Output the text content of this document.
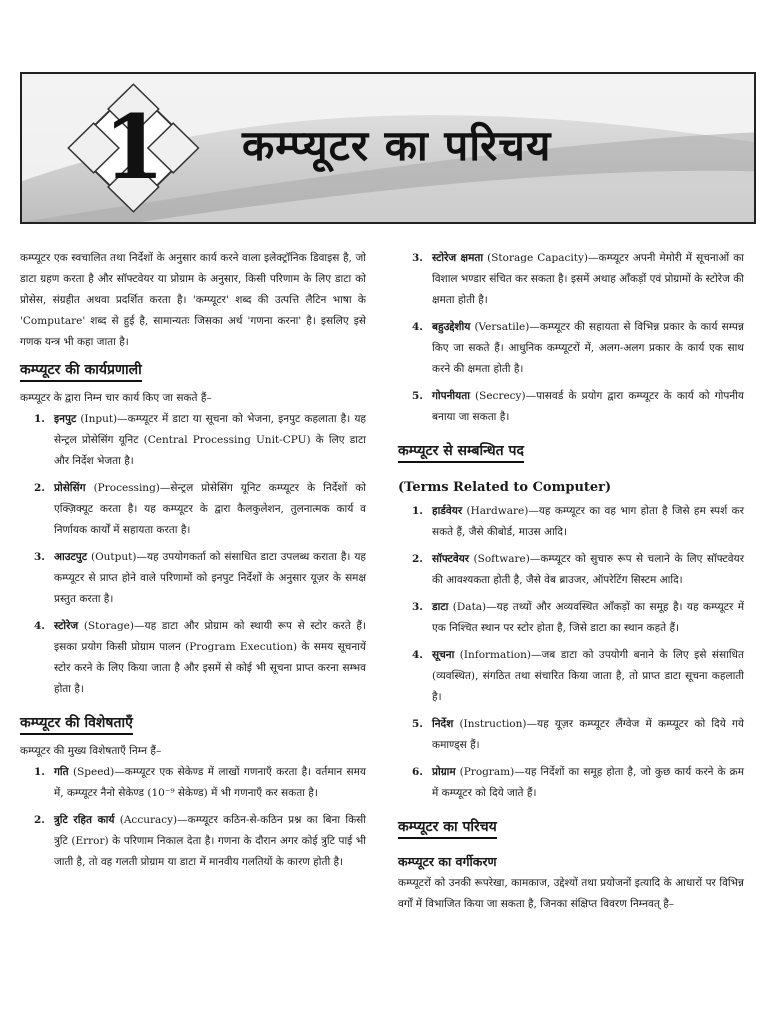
1	कम्प्यूटर का परिचय

कम्प्यूटर एक स्वचालित तथा निर्देशों के अनुसार कार्य करने वाला इलेक्ट्रॉनिक डिवाइस है, जो डाटा ग्रहण करता है और सॉफ्टवेयर या प्रोग्राम के अनुसार, किसी परिणाम के लिए डाटा को प्रोसेस, संग्रहीत अथवा प्रदर्शित करता है। 'कम्प्यूटर' शब्द की उत्पत्ति लैटिन भाषा के 'Computare' शब्द से हुई है, सामान्यतः जिसका अर्थ 'गणना करना' है। इसलिए इसे गणक यन्त्र भी कहा जाता है।

कम्प्यूटर की कार्यप्रणाली

कम्प्यूटर के द्वारा निम्न चार कार्य किए जा सकते हैं–

1. इनपुट (Input)—कम्प्यूटर में डाटा या सूचना को भेजना, इनपुट कहलाता है। यह सेन्ट्रल प्रोसेसिंग यूनिट (Central Processing Unit-CPU) के लिए डाटा और निर्देश भेजता है।
2. प्रोसेसिंग (Processing)—सेन्ट्रल प्रोसेसिंग यूनिट कम्प्यूटर के निर्देशों को एक्ज़िक्यूट करता है। यह कम्प्यूटर के द्वारा कैलकुलेशन, तुलनात्मक कार्य व निर्णायक कार्यों में सहायता करता है।
3. आउटपुट (Output)—यह उपयोगकर्ता को संसाधित डाटा उपलब्ध कराता है। यह कम्प्यूटर से प्राप्त होने वाले परिणामों को इनपुट निर्देशों के अनुसार यूज़र के समक्ष प्रस्तुत करता है।
4. स्टोरेज (Storage)—यह डाटा और प्रोग्राम को स्थायी रूप से स्टोर करते हैं। इसका प्रयोग किसी प्रोग्राम पालन (Program Execution) के समय सूचनायें स्टोर करने के लिए किया जाता है और इसमें से कोई भी सूचना प्राप्त करना सम्भव होता है।
कम्प्यूटर की विशेषताएँ

कम्प्यूटर की मुख्य विशेषताएँ निम्न हैं–

1. गति (Speed)—कम्प्यूटर एक सेकेण्ड में लाखों गणनाएँ करता है। वर्तमान समय में, कम्प्यूटर नैनो सेकेण्ड (10⁻⁹ सेकेण्ड) में भी गणनाएँ कर सकता है।
2. त्रुटि रहित कार्य (Accuracy)—कम्प्यूटर कठिन-से-कठिन प्रश्न का बिना किसी त्रुटि (Error) के परिणाम निकाल देता है। गणना के दौरान अगर कोई त्रुटि पाई भी जाती है, तो वह गलती प्रोग्राम या डाटा में मानवीय गलतियों के कारण होती है।
3. स्टोरेज क्षमता (Storage Capacity)—कम्प्यूटर अपनी मेमोरी में सूचनाओं का विशाल भण्डार संचित कर सकता है। इसमें अथाह आँकड़ों एवं प्रोग्रामों के स्टोरेज की क्षमता होती है।
4. बहुउद्देशीय (Versatile)—कम्प्यूटर की सहायता से विभिन्न प्रकार के कार्य सम्पन्न किए जा सकते हैं। आधुनिक कम्प्यूटरों में, अलग-अलग प्रकार के कार्य एक साथ करने की क्षमता होती है।
5. गोपनीयता (Secrecy)—पासवर्ड के प्रयोग द्वारा कम्प्यूटर के कार्य को गोपनीय बनाया जा सकता है।
कम्प्यूटर से सम्बन्धित पद
(Terms Related to Computer)
1. हार्डवेयर (Hardware)—यह कम्प्यूटर का वह भाग होता है जिसे हम स्पर्श कर सकते हैं, जैसे कीबोर्ड, माउस आदि।
2. सॉफ्टवेयर (Software)—कम्प्यूटर को सुचारु रूप से चलाने के लिए सॉफ्टवेयर की आवश्यकता होती है, जैसे वेब ब्राउजर, ऑपरेटिंग सिस्टम आदि।
3. डाटा (Data)—यह तथ्यों और अव्यवस्थित आँकड़ों का समूह है। यह कम्प्यूटर में एक निश्चित स्थान पर स्टोर होता है, जिसे डाटा का स्थान कहते हैं।
4. सूचना (Information)—जब डाटा को उपयोगी बनाने के लिए इसे संसाधित (व्यवस्थित), संगठित तथा संचारित किया जाता है, तो प्राप्त डाटा सूचना कहलाती है।
5. निर्देश (Instruction)—यह यूज़र कम्प्यूटर लैंग्वेज में कम्प्यूटर को दिये गये कमाण्ड्स हैं।
6. प्रोग्राम (Program)—यह निर्देशों का समूह होता है, जो कुछ कार्य करने के क्रम में कम्प्यूटर को दिये जाते हैं।
कम्प्यूटर का परिचय
कम्प्यूटर का वर्गीकरण

कम्प्यूटरों को उनकी रूपरेखा, कामकाज, उद्देश्यों तथा प्रयोजनों इत्यादि के आधारों पर विभिन्न वर्गों में विभाजित किया जा सकता है, जिनका संक्षिप्त विवरण निम्नवत् है–
